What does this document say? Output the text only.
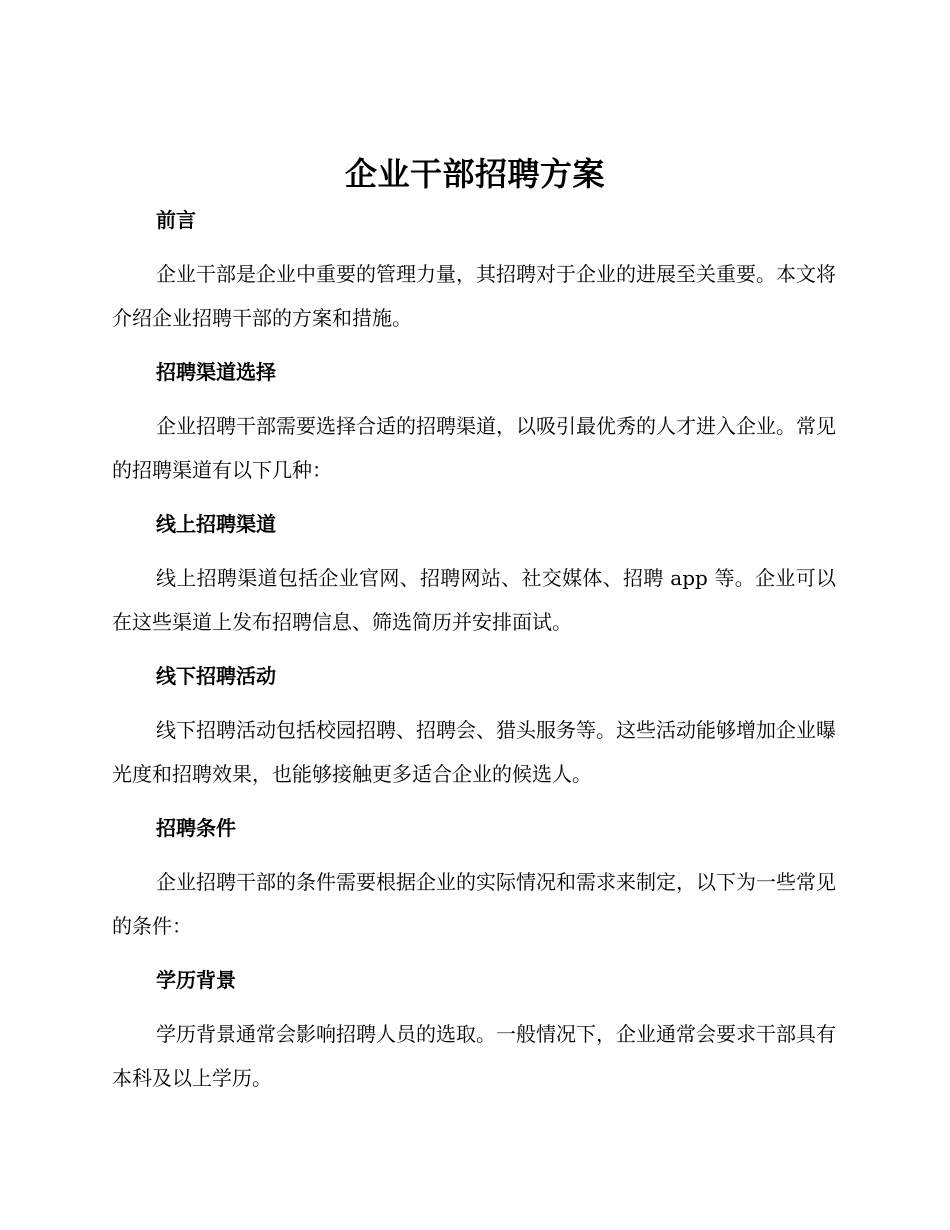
企业干部招聘方案
前言

企业干部是企业中重要的管理力量，其招聘对于企业的进展至关重要。本文将介绍企业招聘干部的方案和措施。

招聘渠道选择

企业招聘干部需要选择合适的招聘渠道，以吸引最优秀的人才进入企业。常见的招聘渠道有以下几种：

线上招聘渠道

线上招聘渠道包括企业官网、招聘网站、社交媒体、招聘 app 等。企业可以在这些渠道上发布招聘信息、筛选简历并安排面试。

线下招聘活动

线下招聘活动包括校园招聘、招聘会、猎头服务等。这些活动能够增加企业曝光度和招聘效果，也能够接触更多适合企业的候选人。

招聘条件

企业招聘干部的条件需要根据企业的实际情况和需求来制定，以下为一些常见的条件：

学历背景

学历背景通常会影响招聘人员的选取。一般情况下，企业通常会要求干部具有本科及以上学历。
